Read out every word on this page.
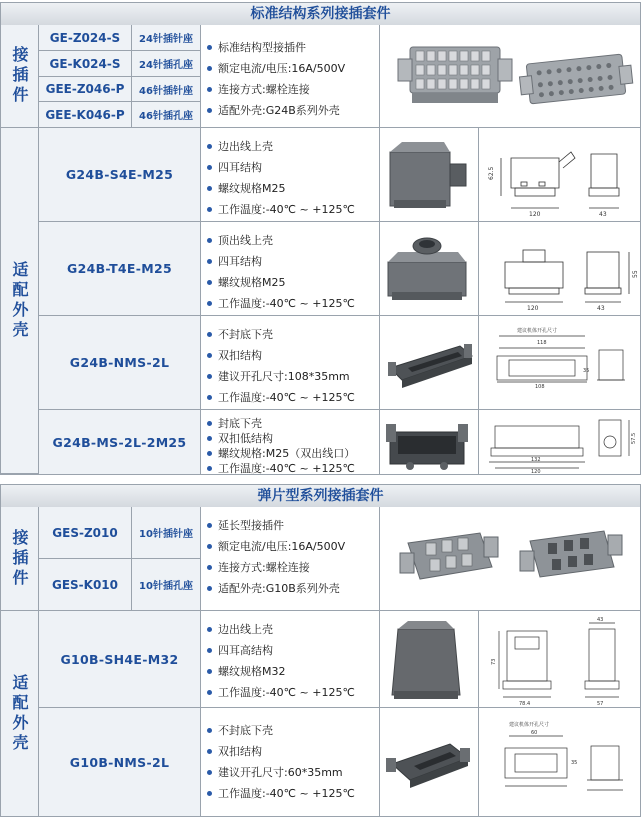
标准结构系列接插套件
接插件
GE-Z024-S	24针插针座
GE-K024-S	24针插孔座
GEE-Z046-P	46针插针座
GEE-K046-P	46针插孔座
标准结构型接插件
额定电流/电压:16A/500V
连接方式:螺栓连接
适配外壳:G24B系列外壳
适配外壳
G24B-S4E-M25
边出线上壳
四耳结构
螺纹规格M25
工作温度:-40℃ ~ +125℃
62.5
120	43
G24B-T4E-M25
顶出线上壳
四耳结构
螺纹规格M25
工作温度:-40℃ ~ +125℃
55
120	43
G24B-NMS-2L
不封底下壳
双扣结构
建议开孔尺寸:108*35mm
工作温度:-40℃ ~ +125℃
建议机体开孔尺寸
118
108
35
G24B-MS-2L-2M25
封底下壳
双扣低结构
螺纹规格:M25（双出线口）
工作温度:-40℃ ~ +125℃
132
120
57.5
弹片型系列接插套件
接插件	GES-Z010	10针插针座
GES-K010	10针插孔座
延长型接插件
额定电流/电压:16A/500V
连接方式:螺栓连接
适配外壳:G10B系列外壳
适配外壳
G10B-SH4E-M32
边出线上壳
四耳高结构
螺纹规格M32
工作温度:-40℃ ~ +125℃
43
78.4	57
73
G10B-NMS-2L
不封底下壳
双扣结构
建议开孔尺寸:60*35mm
工作温度:-40℃ ~ +125℃
建议机体开孔尺寸
60
35
